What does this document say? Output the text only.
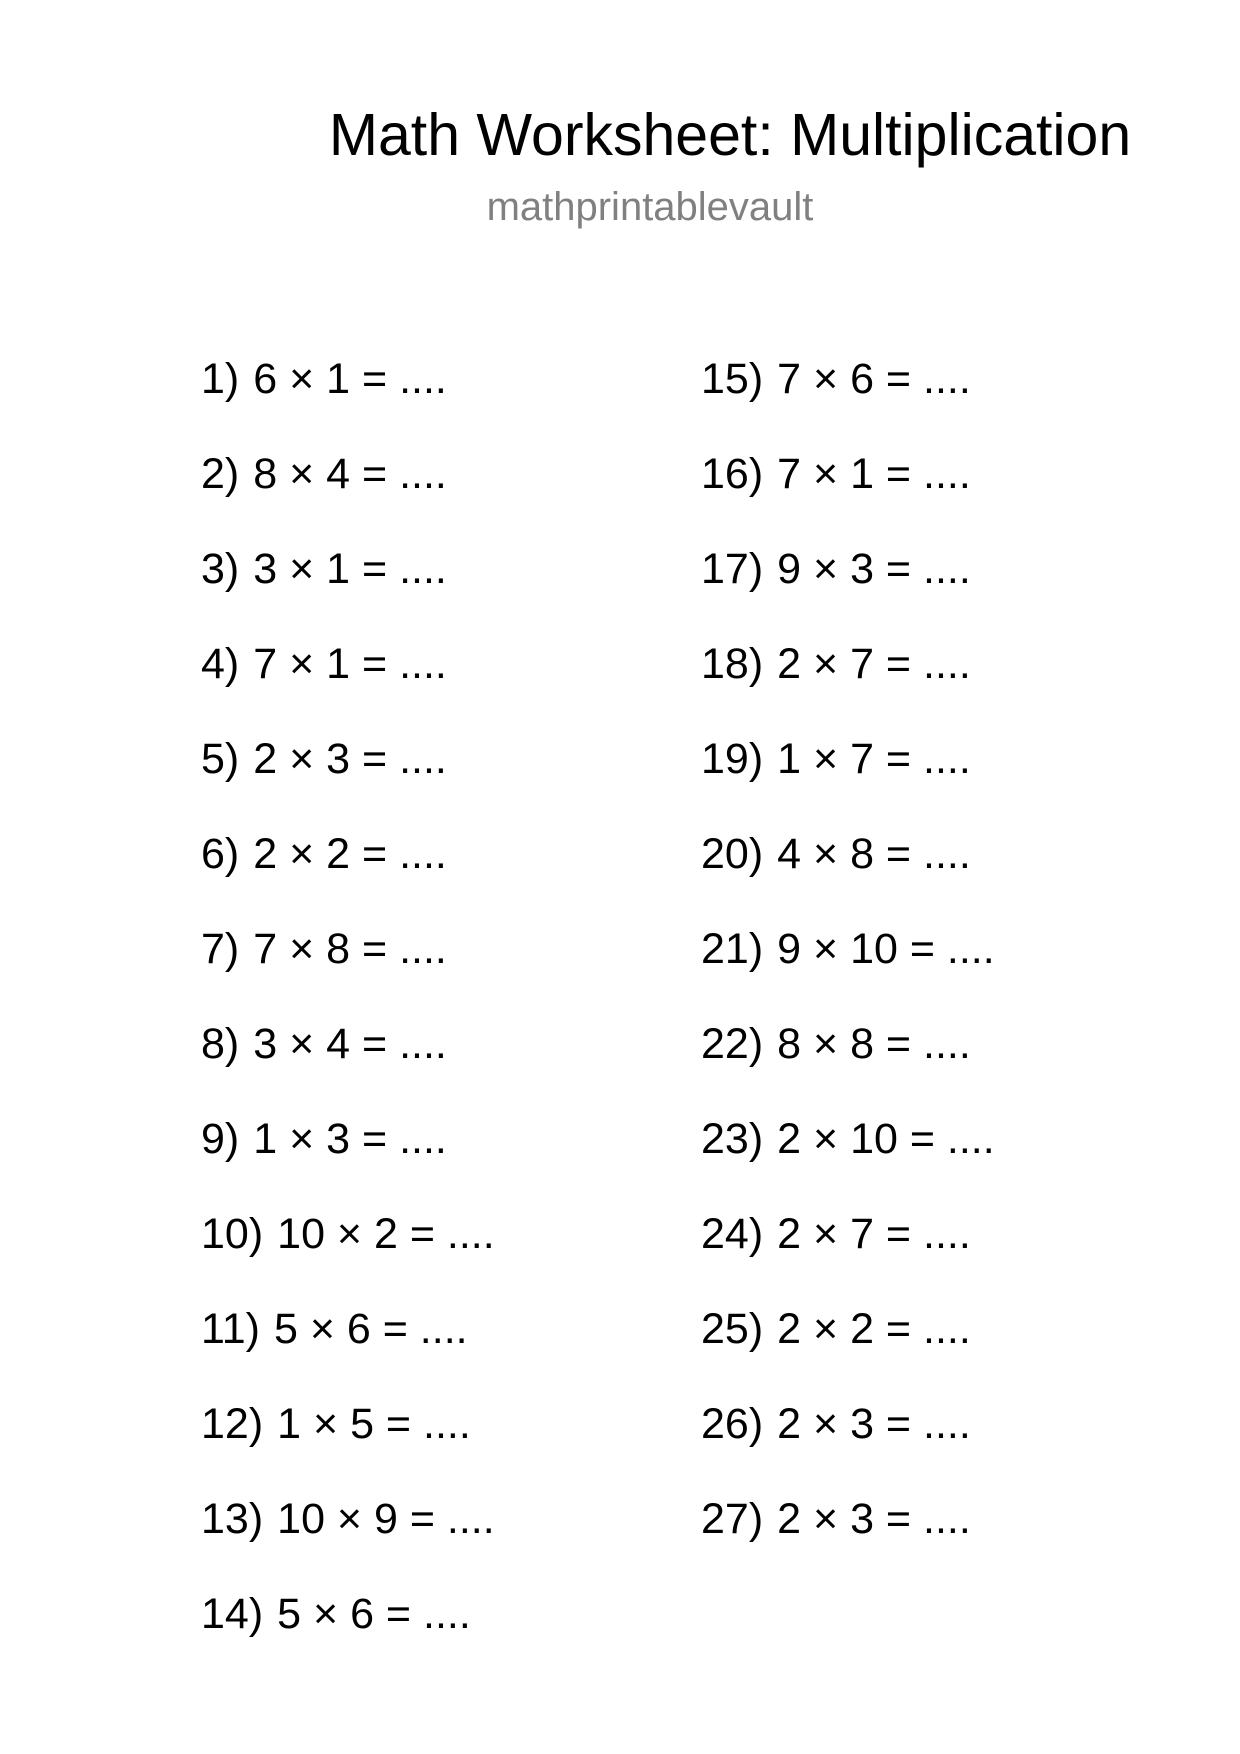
Math Worksheet: Multiplication
mathprintablevault
1) 6 × 1 = ....
2) 8 × 4 = ....
3) 3 × 1 = ....
4) 7 × 1 = ....
5) 2 × 3 = ....
6) 2 × 2 = ....
7) 7 × 8 = ....
8) 3 × 4 = ....
9) 1 × 3 = ....
10) 10 × 2 = ....
11) 5 × 6 = ....
12) 1 × 5 = ....
13) 10 × 9 = ....
14) 5 × 6 = ....
15) 7 × 6 = ....
16) 7 × 1 = ....
17) 9 × 3 = ....
18) 2 × 7 = ....
19) 1 × 7 = ....
20) 4 × 8 = ....
21) 9 × 10 = ....
22) 8 × 8 = ....
23) 2 × 10 = ....
24) 2 × 7 = ....
25) 2 × 2 = ....
26) 2 × 3 = ....
27) 2 × 3 = ....
